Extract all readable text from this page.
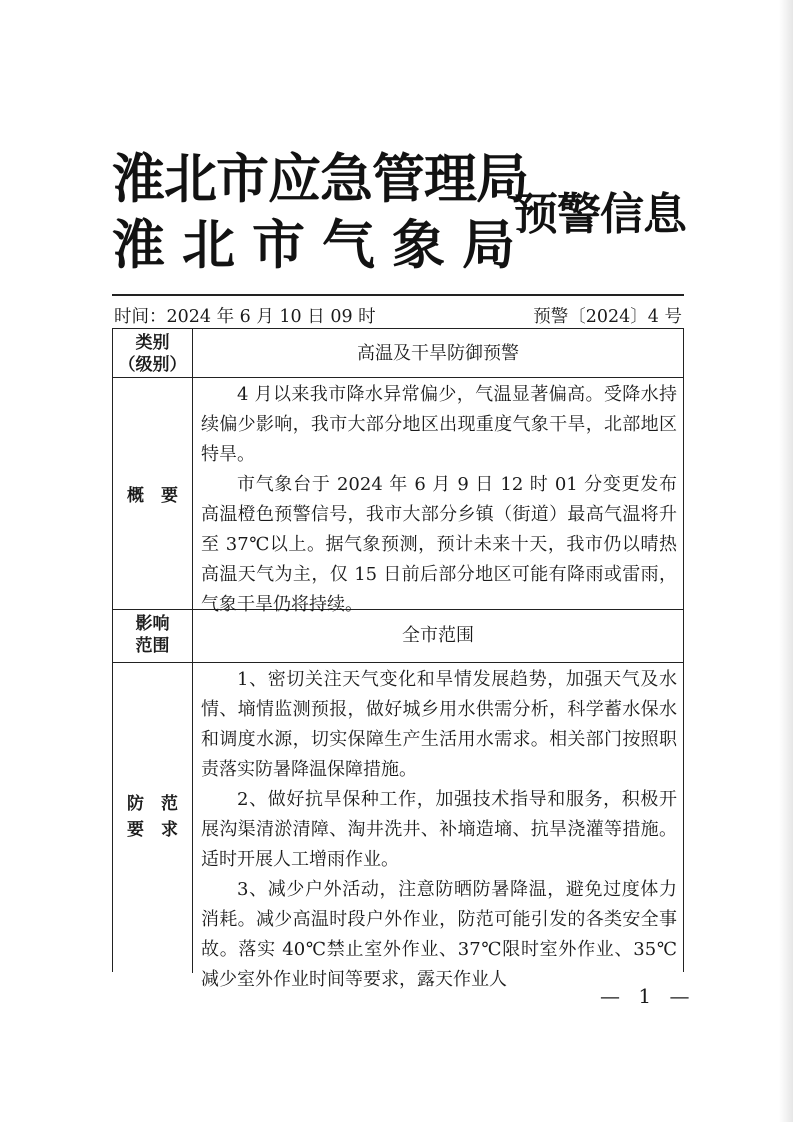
淮北市应急管理局
淮北市气象局
预警信息
时间：2024 年 6 月 10 日 09 时	预警〔2024〕4 号
类别
（级别）
高温及干旱防御预警
概　要

4 月以来我市降水异常偏少，气温显著偏高。受降水持续偏少影响，我市大部分地区出现重度气象干旱，北部地区特旱。

市气象台于 2024 年 6 月 9 日 12 时 01 分变更发布高温橙色预警信号，我市大部分乡镇（街道）最高气温将升至 37℃以上。据气象预测，预计未来十天，我市仍以晴热高温天气为主，仅 15 日前后部分地区可能有降雨或雷雨，气象干旱仍将持续。

影响
范围	全市范围
防　范
要　求

1、密切关注天气变化和旱情发展趋势，加强天气及水情、墒情监测预报，做好城乡用水供需分析，科学蓄水保水和调度水源，切实保障生产生活用水需求。相关部门按照职责落实防暑降温保障措施。

2、做好抗旱保种工作，加强技术指导和服务，积极开展沟渠清淤清障、淘井洗井、补墒造墒、抗旱浇灌等措施。适时开展人工增雨作业。

3、减少户外活动，注意防晒防暑降温，避免过度体力消耗。减少高温时段户外作业，防范可能引发的各类安全事故。落实 40℃禁止室外作业、37℃限时室外作业、35℃减少室外作业时间等要求，露天作业人

— 1 —
